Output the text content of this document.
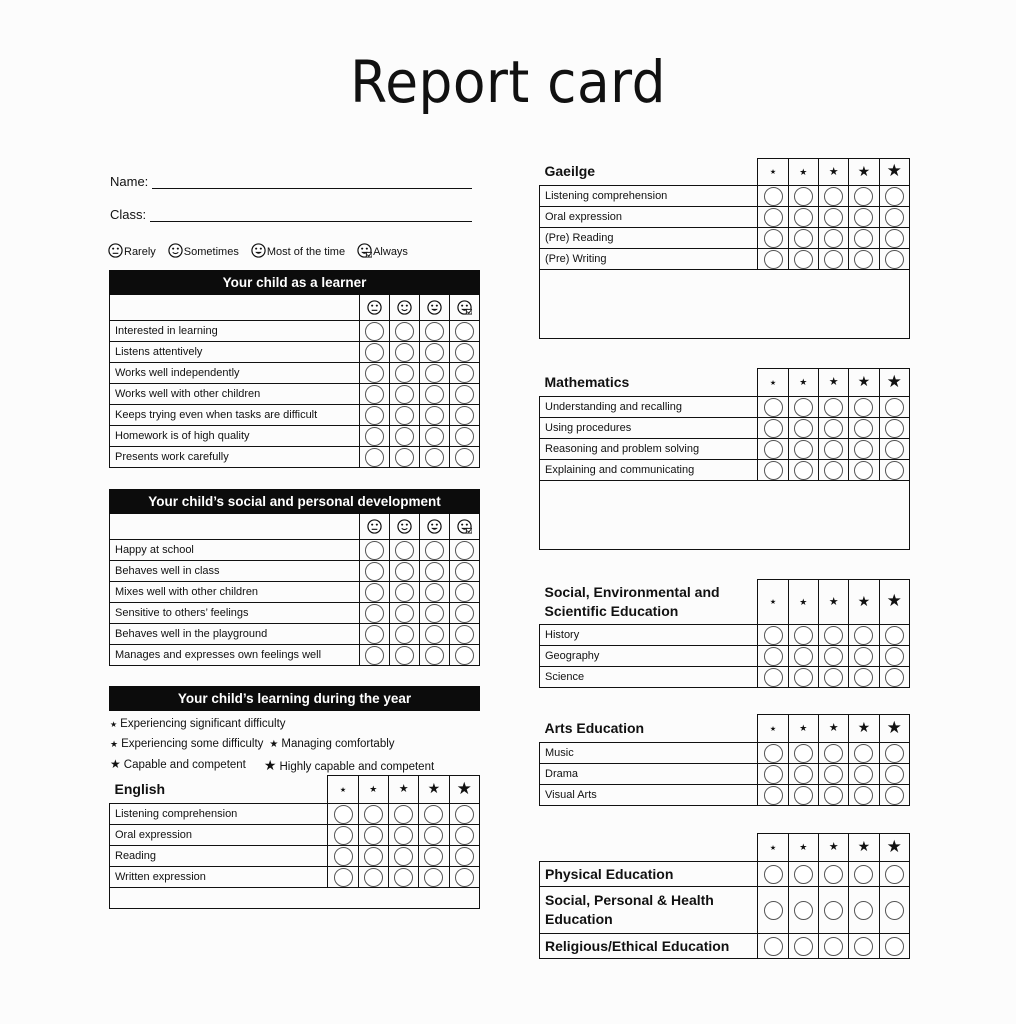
Report card
Name:
Class:
Rarely	Sometimes	Most of the time	Always
Your child as a learner				

Interested in learning				
Listens attentively				
Works well independently				
Works well with other children				
Keeps trying even when tasks are difficult				
Homework is of high quality				
Presents work carefully				
Your child’s social and personal development				

Happy at school				
Behaves well in class				
Mixes well with other children				
Sensitive to others’ feelings				
Behaves well in the playground				
Manages and expresses own feelings well				
Your child’s learning during the year
★ Experiencing significant difficulty
★ Experiencing some difficulty ★ Managing comfortably
★ Capable and competent ★ Highly capable and competent
English	★	★	★	★	★
Listening comprehension					
Oral expression					
Reading					
Written expression					

Gaeilge	★	★	★	★	★
Listening comprehension					
Oral expression					
(Pre) Reading					
(Pre) Writing					

Mathematics	★	★	★	★	★
Understanding and recalling					
Using procedures					
Reasoning and problem solving					
Explaining and communicating					

Social, Environmental and
Scientific Education	★	★	★	★	★
History					
Geography					
Science					
Arts Education	★	★	★	★	★
Music					
Drama					
Visual Arts					
	★	★	★	★	★
Physical Education					
Social, Personal & Health Education					
Religious/Ethical Education					
